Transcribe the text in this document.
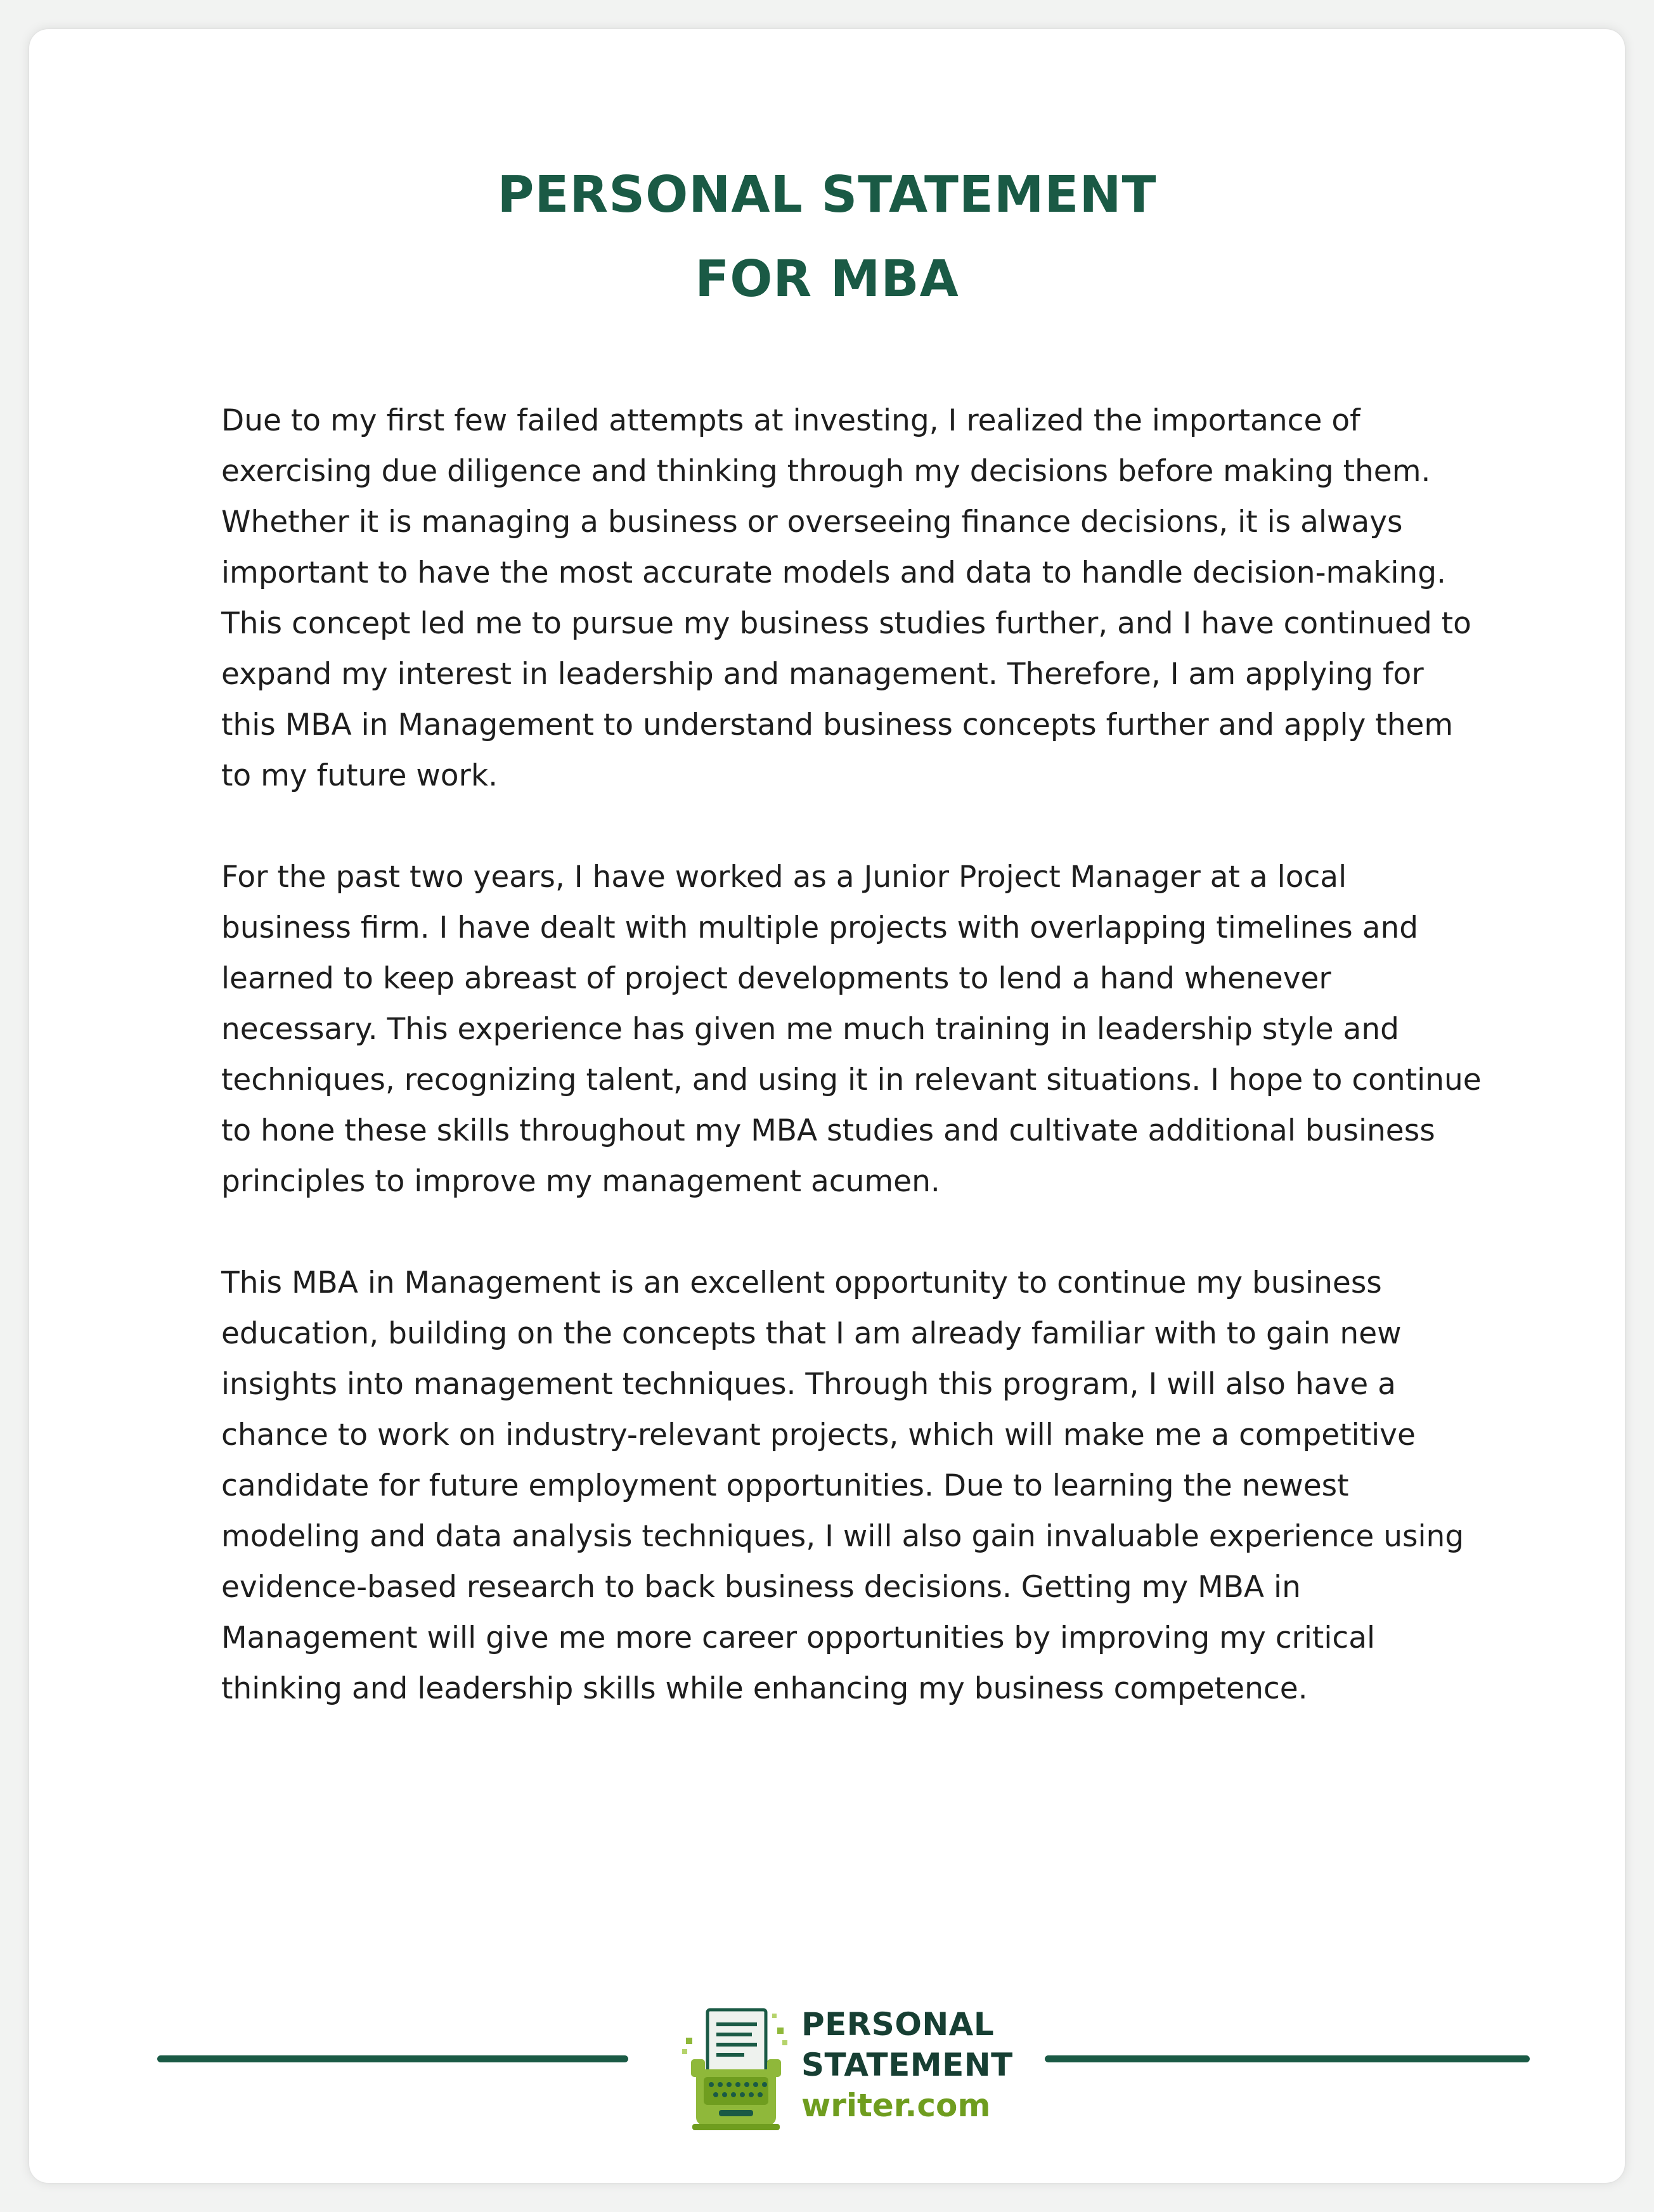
PERSONAL STATEMENT
FOR MBA

Due to my first few failed attempts at investing, I realized the importance of exercising due diligence and thinking through my decisions before making them. Whether it is managing a business or overseeing finance decisions, it is always important to have the most accurate models and data to handle decision-making. This concept led me to pursue my business studies further, and I have continued to expand my interest in leadership and management. Therefore, I am applying for this MBA in Management to understand business concepts further and apply them to my future work.

For the past two years, I have worked as a Junior Project Manager at a local business firm. I have dealt with multiple projects with overlapping timelines and learned to keep abreast of project developments to lend a hand whenever necessary. This experience has given me much training in leadership style and techniques, recognizing talent, and using it in relevant situations. I hope to continue to hone these skills throughout my MBA studies and cultivate additional business principles to improve my management acumen.

This MBA in Management is an excellent opportunity to continue my business education, building on the concepts that I am already familiar with to gain new insights into management techniques. Through this program, I will also have a chance to work on industry-relevant projects, which will make me a competitive candidate for future employment opportunities. Due to learning the newest modeling and data analysis techniques, I will also gain invaluable experience using evidence-based research to back business decisions. Getting my MBA in Management will give me more career opportunities by improving my critical thinking and leadership skills while enhancing my business competence.

PERSONAL
STATEMENT
writer.com
